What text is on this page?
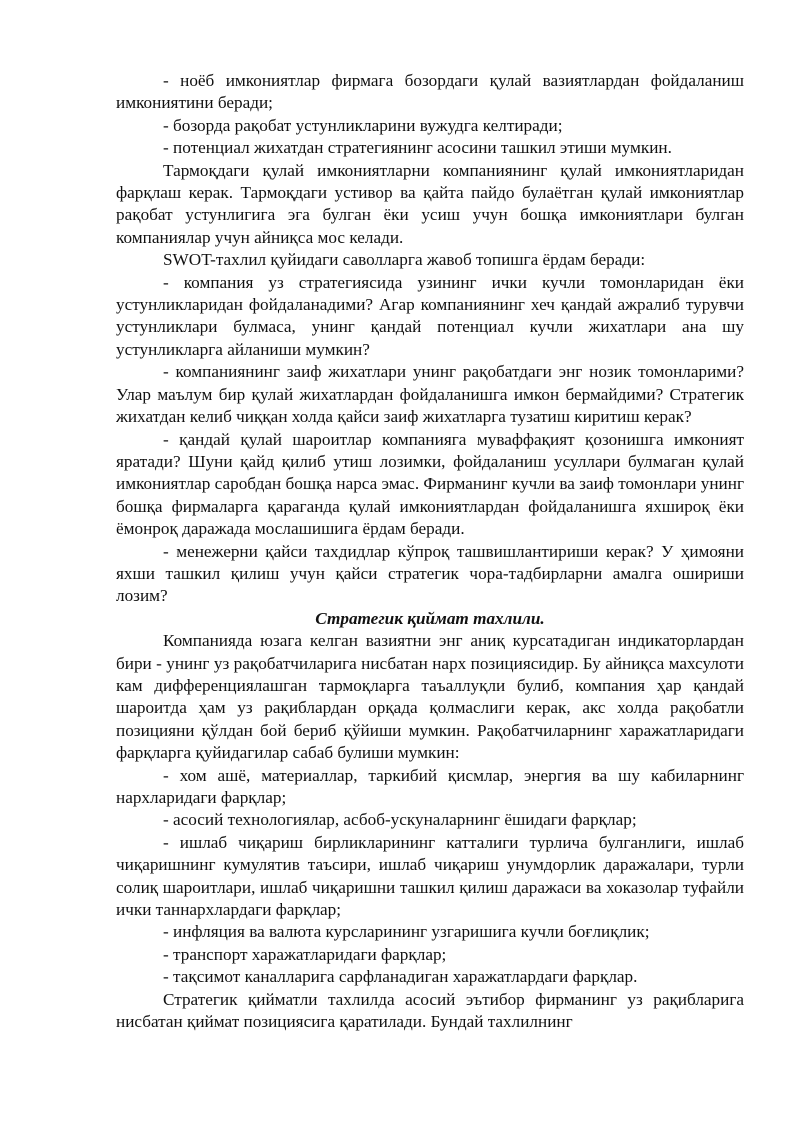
- ноёб имкониятлар фирмага бозордаги қулай вазиятлардан фойдаланиш имкониятини беради;

- бозорда рақобат устунликларини вужудга келтиради;

- потенциал жихатдан стратегиянинг асосини ташкил этиши мумкин.

Тармоқдаги қулай имкониятларни компаниянинг қулай имкониятларидан фарқлаш керак. Тармоқдаги устивор ва қайта пайдо булаётган қулай имкониятлар рақобат устунлигига эга булган ёки усиш учун бошқа имкониятлари булган компаниялар учун айниқса мос келади.

SWOT-тахлил қуйидаги саволларга жавоб топишга ёрдам беради:

- компания уз стратегиясида узининг ички кучли томонларидан ёки устунликларидан фойдаланадими? Агар компаниянинг хеч қандай ажралиб турувчи устунликлари булмаса, унинг қандай потенциал кучли жихатлари ана шу устунликларга айланиши мумкин?

- компаниянинг заиф жихатлари унинг рақобатдаги энг нозик томонларими? Улар маълум бир қулай жихатлардан фойдаланишга имкон бермайдими? Стратегик жихатдан келиб чиққан холда қайси заиф жихатларга тузатиш киритиш керак?

- қандай қулай шароитлар компанияга муваффақият қозонишга имконият яратади? Шуни қайд қилиб утиш лозимки, фойдаланиш усуллари булмаган қулай имкониятлар саробдан бошқа нарса эмас. Фирманинг кучли ва заиф томонлари унинг бошқа фирмаларга қараганда қулай имкониятлардан фойдаланишга яхшироқ ёки ёмонроқ даражада мослашишига ёрдам беради.

- менежерни қайси тахдидлар кўпроқ ташвишлантириши керак? У ҳимояни яхши ташкил қилиш учун қайси стратегик чора-тадбирларни амалга ошириши лозим?

Стратегик қиймат тахлили.

Компанияда юзага келган вазиятни энг аниқ курсатадиган индикаторлардан бири - унинг уз рақобатчиларига нисбатан нарх позициясидир. Бу айниқса махсулоти кам дифференциялашган тармоқларга таъаллуқли булиб, компания ҳар қандай шароитда ҳам уз рақиблардан орқада қолмаслиги керак, акс холда рақобатли позицияни қўлдан бой бериб қўйиши мумкин. Рақобатчиларнинг харажатларидаги фарқларга қуйидагилар сабаб булиши мумкин:

- хом ашё, материаллар, таркибий қисмлар, энергия ва шу кабиларнинг нархларидаги фарқлар;

- асосий технологиялар, асбоб-ускуналарнинг ёшидаги фарқлар;

- ишлаб чиқариш бирликларининг катталиги турлича булганлиги, ишлаб чиқаришнинг кумулятив таъсири, ишлаб чиқариш унумдорлик даражалари, турли солиқ шароитлари, ишлаб чиқаришни ташкил қилиш даражаси ва хоказолар туфайли ички таннархлардаги фарқлар;

- инфляция ва валюта курсларининг узгаришига кучли боғлиқлик;

- транспорт харажатларидаги фарқлар;

- тақсимот каналларига сарфланадиган харажатлардаги фарқлар.

Стратегик қийматли тахлилда асосий эътибор фирманинг уз рақибларига нисбатан қиймат позициясига қаратилади. Бундай тахлилнинг
